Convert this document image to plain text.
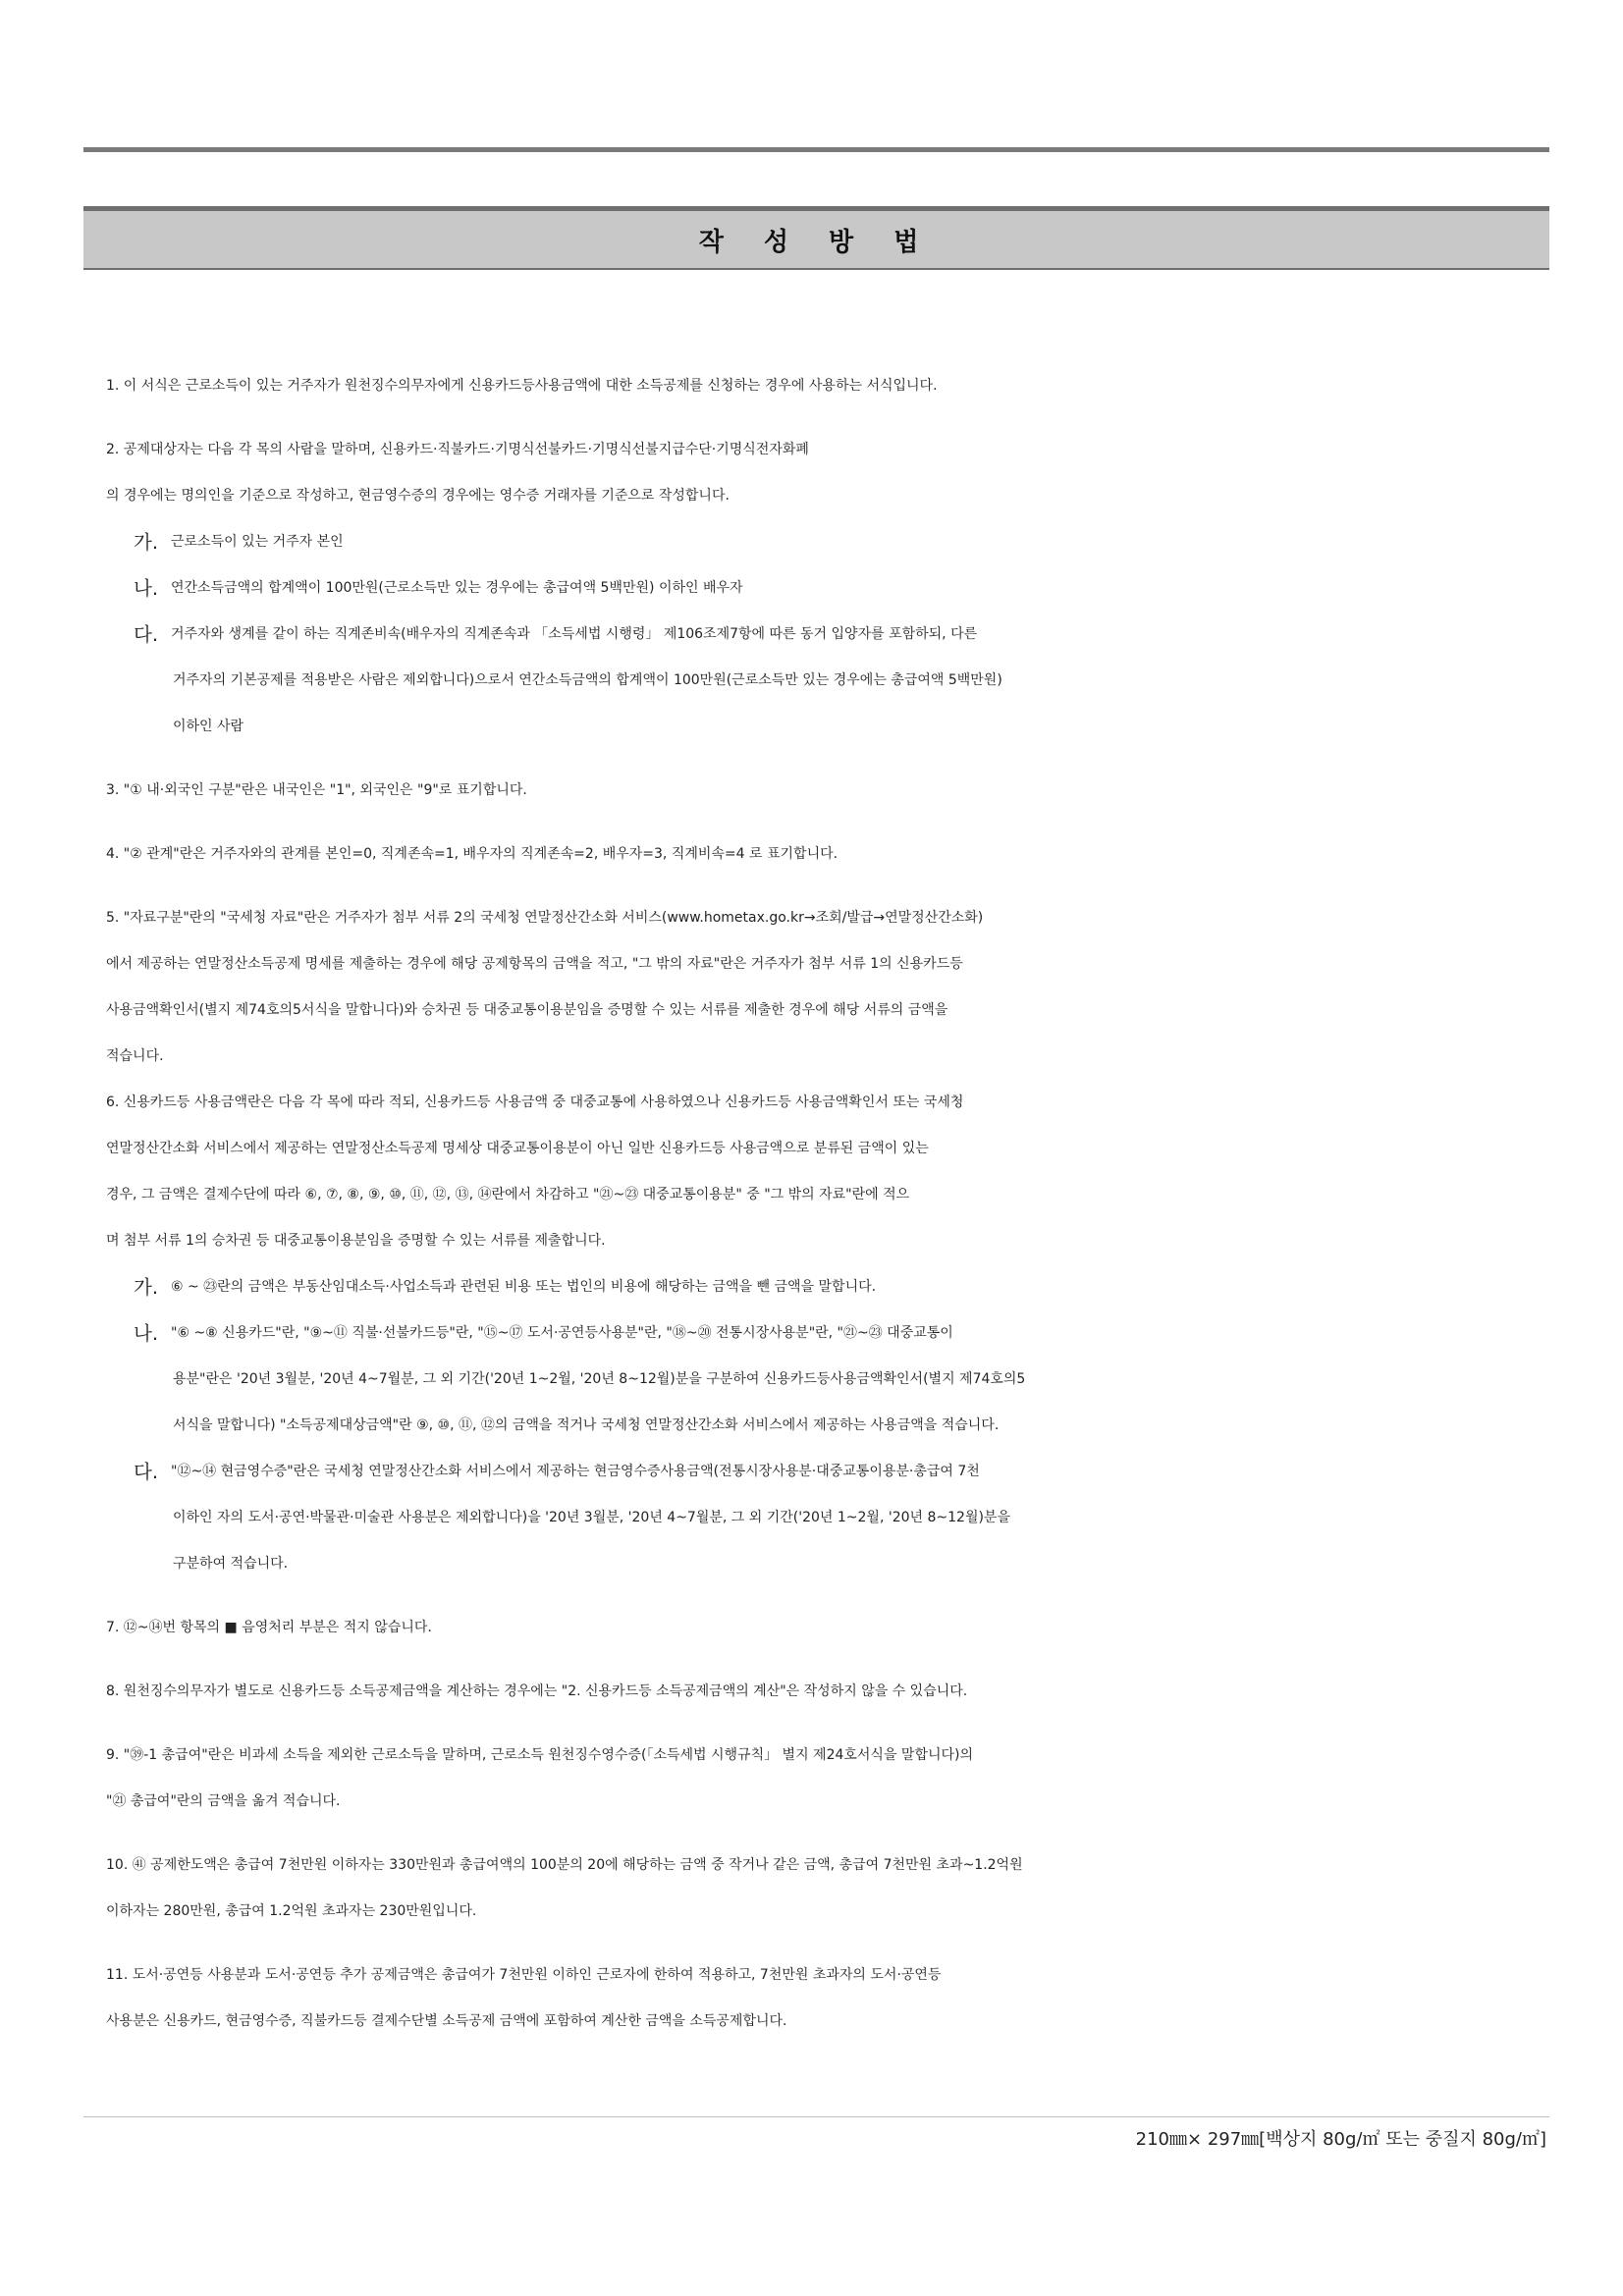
작 성 방 법
1. 이 서식은 근로소득이 있는 거주자가 원천징수의무자에게 신용카드등사용금액에 대한 소득공제를 신청하는 경우에 사용하는 서식입니다.
2. 공제대상자는 다음 각 목의 사람을 말하며, 신용카드·직불카드·기명식선불카드·기명식선불지급수단·기명식전자화폐
의 경우에는 명의인을 기준으로 작성하고, 현금영수증의 경우에는 영수증 거래자를 기준으로 작성합니다.
가. 근로소득이 있는 거주자 본인
나. 연간소득금액의 합계액이 100만원(근로소득만 있는 경우에는 총급여액 5백만원) 이하인 배우자
다. 거주자와 생계를 같이 하는 직계존비속(배우자의 직계존속과 「소득세법 시행령」 제106조제7항에 따른 동거 입양자를 포함하되, 다른
거주자의 기본공제를 적용받은 사람은 제외합니다)으로서 연간소득금액의 합계액이 100만원(근로소득만 있는 경우에는 총급여액 5백만원)
이하인 사람
3. "① 내·외국인 구분"란은 내국인은 "1", 외국인은 "9"로 표기합니다.
4. "② 관계"란은 거주자와의 관계를 본인=0, 직계존속=1, 배우자의 직계존속=2, 배우자=3, 직계비속=4 로 표기합니다.
5. "자료구분"란의 "국세청 자료"란은 거주자가 첨부 서류 2의 국세청 연말정산간소화 서비스(www.hometax.go.kr→조회/발급→연말정산간소화)
에서 제공하는 연말정산소득공제 명세를 제출하는 경우에 해당 공제항목의 금액을 적고, "그 밖의 자료"란은 거주자가 첨부 서류 1의 신용카드등
사용금액확인서(별지 제74호의5서식을 말합니다)와 승차권 등 대중교통이용분임을 증명할 수 있는 서류를 제출한 경우에 해당 서류의 금액을
적습니다.
6. 신용카드등 사용금액란은 다음 각 목에 따라 적되, 신용카드등 사용금액 중 대중교통에 사용하였으나 신용카드등 사용금액확인서 또는 국세청
연말정산간소화 서비스에서 제공하는 연말정산소득공제 명세상 대중교통이용분이 아닌 일반 신용카드등 사용금액으로 분류된 금액이 있는
경우, 그 금액은 결제수단에 따라 ⑥, ⑦, ⑧, ⑨, ⑩, ⑪, ⑫, ⑬, ⑭란에서 차감하고 "㉑~㉓ 대중교통이용분" 중 "그 밖의 자료"란에 적으
며 첨부 서류 1의 승차권 등 대중교통이용분임을 증명할 수 있는 서류를 제출합니다.
가. ⑥ ~ ㉓란의 금액은 부동산임대소득·사업소득과 관련된 비용 또는 법인의 비용에 해당하는 금액을 뺀 금액을 말합니다.
나. "⑥ ~⑧ 신용카드"란, "⑨~⑪ 직불·선불카드등"란, "⑮~⑰ 도서·공연등사용분"란, "⑱~⑳ 전통시장사용분"란, "㉑~㉓ 대중교통이
용분"란은 '20년 3월분, '20년 4~7월분, 그 외 기간('20년 1~2월, '20년 8~12월)분을 구분하여 신용카드등사용금액확인서(별지 제74호의5
서식을 말합니다) "소득공제대상금액"란 ⑨, ⑩, ⑪, ⑫의 금액을 적거나 국세청 연말정산간소화 서비스에서 제공하는 사용금액을 적습니다.
다. "⑫~⑭ 현금영수증"란은 국세청 연말정산간소화 서비스에서 제공하는 현금영수증사용금액(전통시장사용분·대중교통이용분·총급여 7천
이하인 자의 도서·공연·박물관·미술관 사용분은 제외합니다)을 '20년 3월분, '20년 4~7월분, 그 외 기간('20년 1~2월, '20년 8~12월)분을
구분하여 적습니다.
7. ⑫~⑭번 항목의 ■ 음영처리 부분은 적지 않습니다.
8. 원천징수의무자가 별도로 신용카드등 소득공제금액을 계산하는 경우에는 "2. 신용카드등 소득공제금액의 계산"은 작성하지 않을 수 있습니다.
9. "㊴-1 총급여"란은 비과세 소득을 제외한 근로소득을 말하며, 근로소득 원천징수영수증(「소득세법 시행규칙」 별지 제24호서식을 말합니다)의
"㉑ 총급여"란의 금액을 옮겨 적습니다.
10. ㊶ 공제한도액은 총급여 7천만원 이하자는 330만원과 총급여액의 100분의 20에 해당하는 금액 중 작거나 같은 금액, 총급여 7천만원 초과~1.2억원
이하자는 280만원, 총급여 1.2억원 초과자는 230만원입니다.
11. 도서·공연등 사용분과 도서·공연등 추가 공제금액은 총급여가 7천만원 이하인 근로자에 한하여 적용하고, 7천만원 초과자의 도서·공연등
사용분은 신용카드, 현금영수증, 직불카드등 결제수단별 소득공제 금액에 포함하여 계산한 금액을 소득공제합니다.
210㎜× 297㎜[백상지 80g/㎡ 또는 중질지 80g/㎡]
